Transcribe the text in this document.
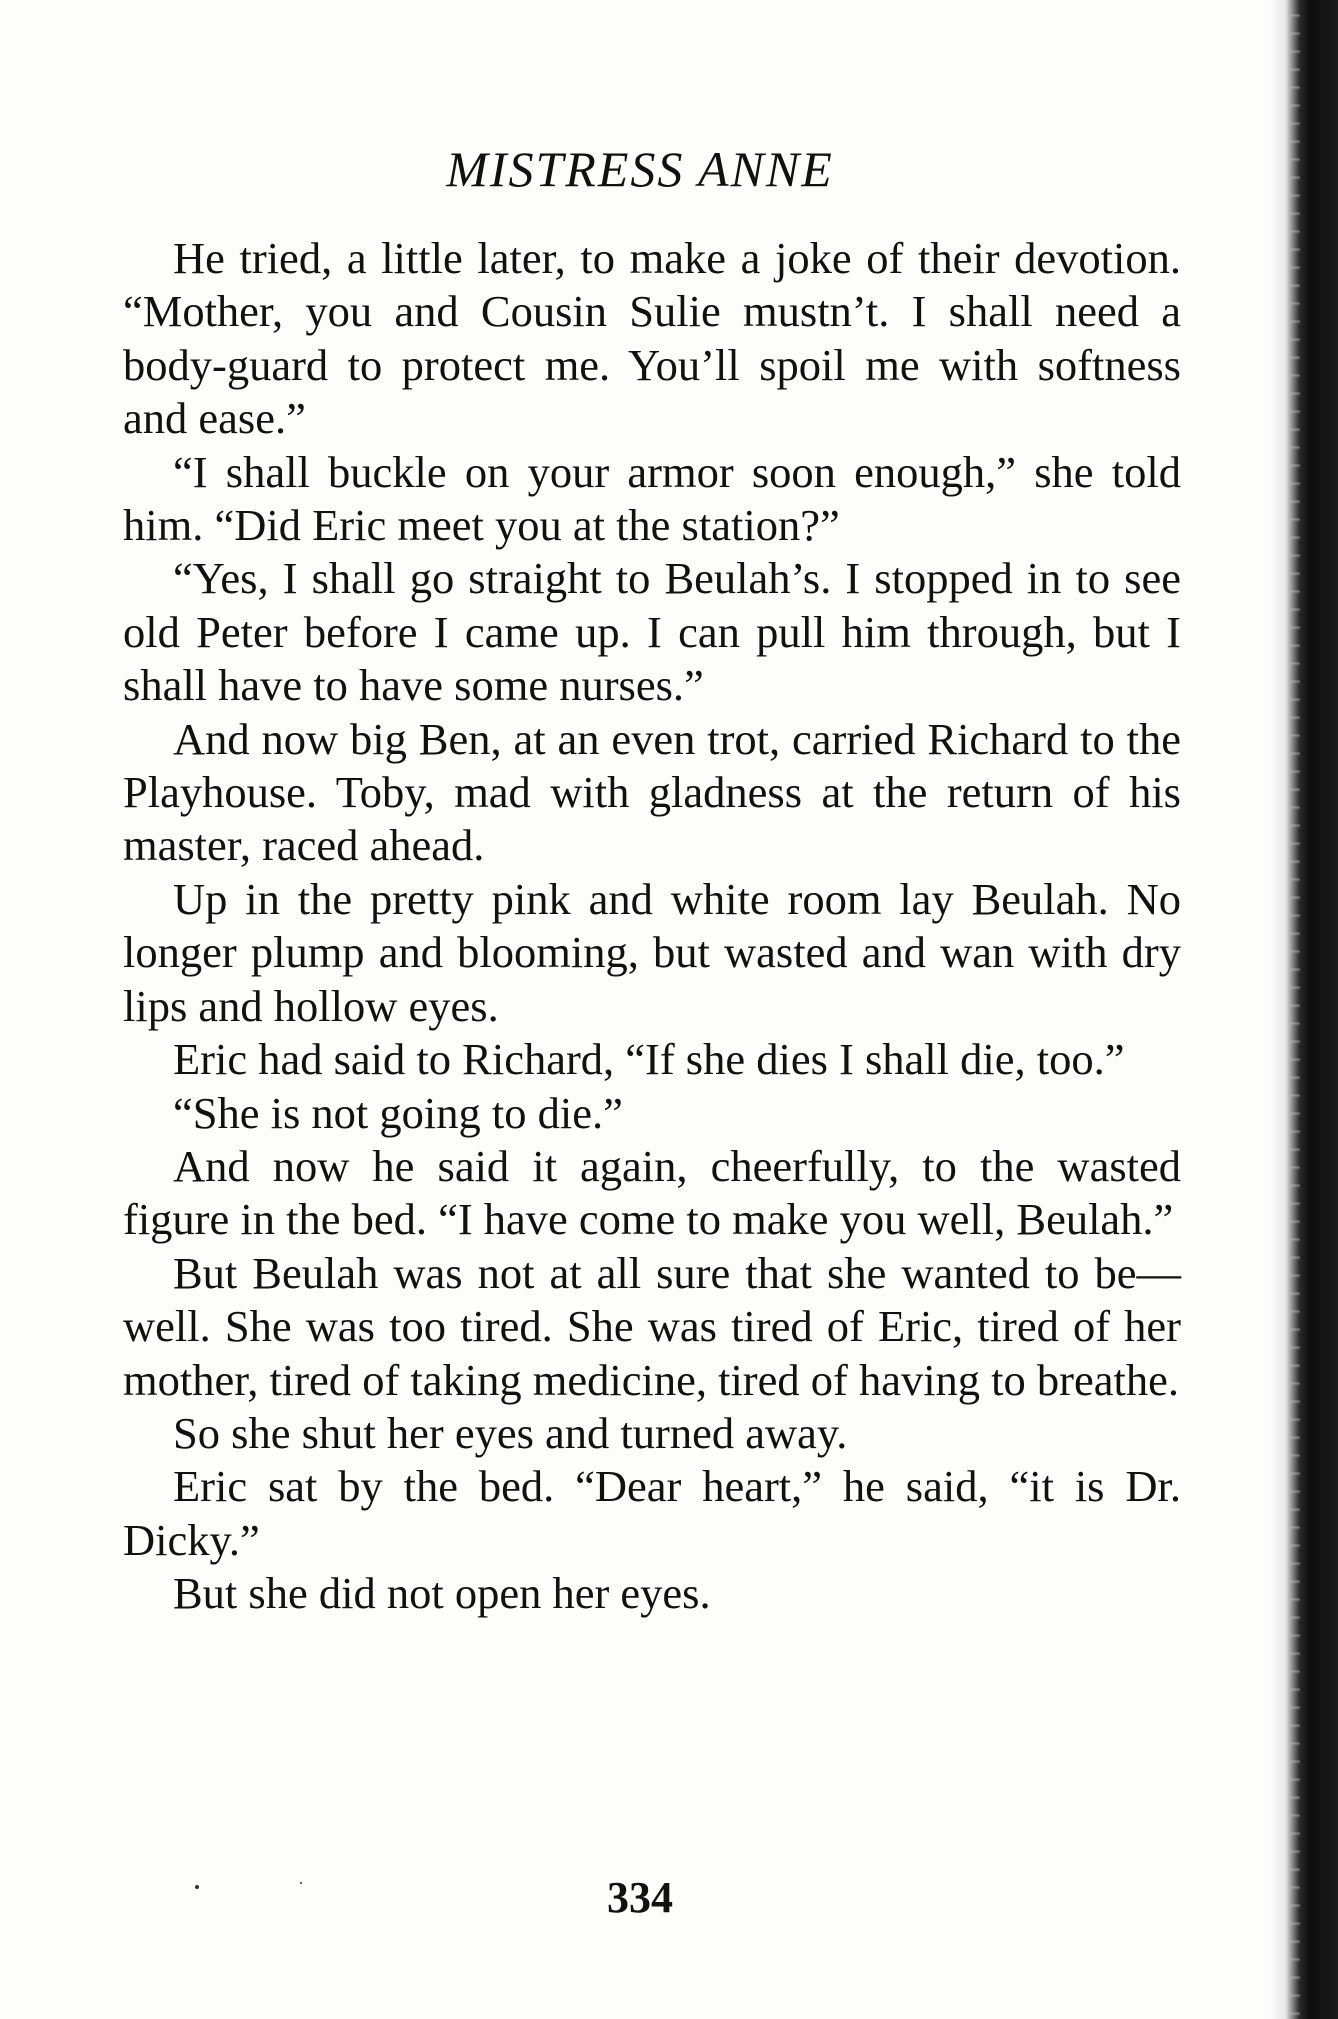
MISTRESS ANNE

He tried, a little later, to make a joke of their devotion. “Mother, you and Cousin Sulie mustn’t. I shall need a body-guard to protect me. You’ll spoil me with softness and ease.”

“I shall buckle on your armor soon enough,” she told him. “Did Eric meet you at the station?”

“Yes, I shall go straight to Beulah’s. I stopped in to see old Peter before I came up. I can pull him through, but I shall have to have some nurses.”

And now big Ben, at an even trot, carried Richard to the Playhouse. Toby, mad with gladness at the return of his master, raced ahead.

Up in the pretty pink and white room lay Beulah. No longer plump and blooming, but wasted and wan with dry lips and hollow eyes.

Eric had said to Richard, “If she dies I shall die, too.”

“She is not going to die.”

And now he said it again, cheerfully, to the wasted figure in the bed. “I have come to make you well, Beulah.”

But Beulah was not at all sure that she wanted to be—well. She was too tired. She was tired of Eric, tired of her mother, tired of taking medicine, tired of having to breathe.

So she shut her eyes and turned away.

Eric sat by the bed. “Dear heart,” he said, “it is Dr. Dicky.”

But she did not open her eyes.

334
